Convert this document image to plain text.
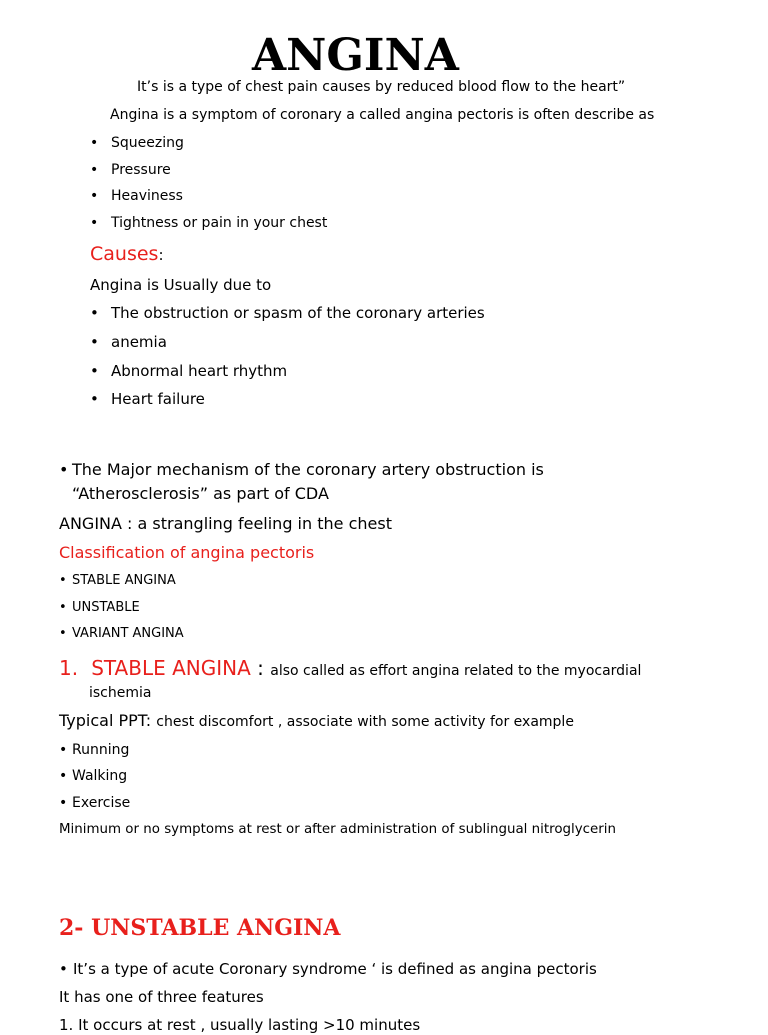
ANGINA
It’s is a type of chest pain causes by reduced blood flow to the heart”
Angina is a symptom of coronary a called angina pectoris is often describe as
• Squeezing
• Pressure
• Heaviness
• Tightness or pain in your chest
Causes:
Angina is Usually due to
• The obstruction or spasm of the coronary arteries
• anemia
• Abnormal heart rhythm
• Heart failure
• The Major mechanism of the coronary artery obstruction is
“Atherosclerosis” as part of CDA
ANGINA : a strangling feeling in the chest
Classification of angina pectoris
• STABLE ANGINA
• UNSTABLE
• VARIANT ANGINA
1. STABLE ANGINA : also called as effort angina related to the myocardial
ischemia
Typical PPT: chest discomfort , associate with some activity for example
• Running
• Walking
• Exercise
Minimum or no symptoms at rest or after administration of sublingual nitroglycerin
2- UNSTABLE ANGINA
• It’s a type of acute Coronary syndrome ‘ is defined as angina pectoris
It has one of three features
1. It occurs at rest , usually lasting >10 minutes
